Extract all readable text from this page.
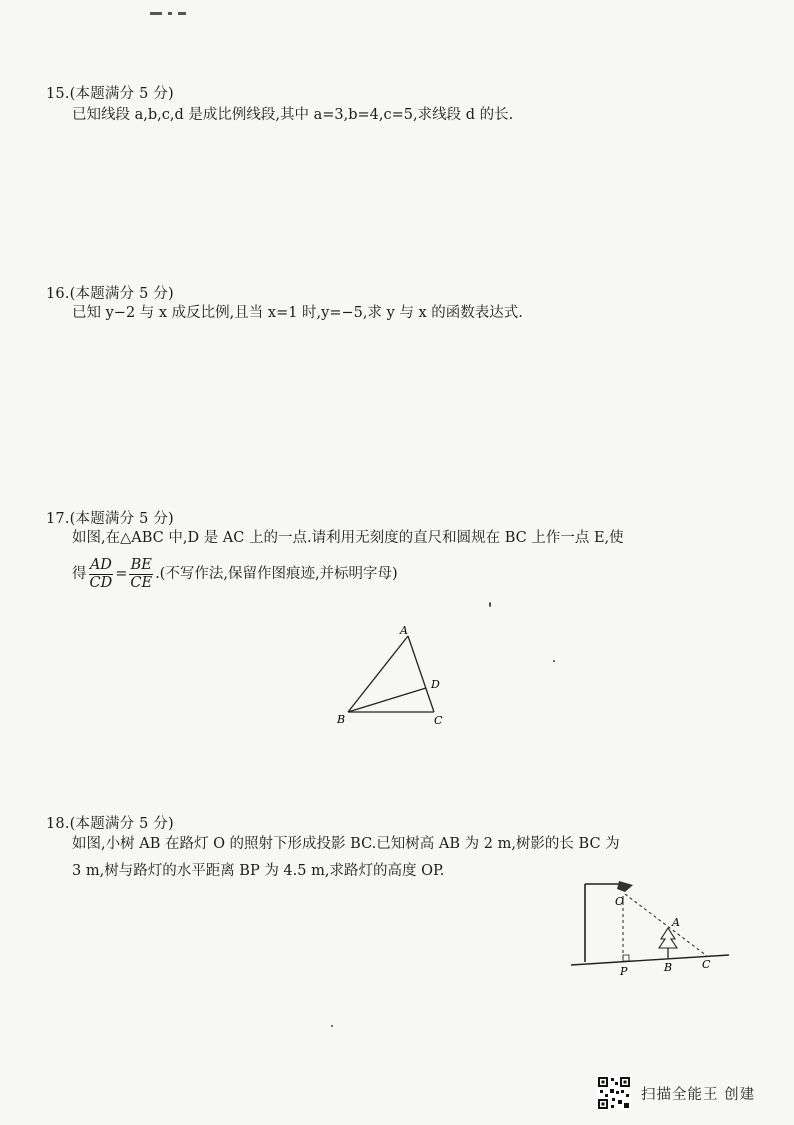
15.(本题满分 5 分)
已知线段 a,b,c,d 是成比例线段,其中 a=3,b=4,c=5,求线段 d 的长.
16.(本题满分 5 分)
已知 y−2 与 x 成反比例,且当 x=1 时,y=−5,求 y 与 x 的函数表达式.
17.(本题满分 5 分)
如图,在△ABC 中,D 是 AC 上的一点.请利用无刻度的直尺和圆规在 BC 上作一点 E,使
得 $\frac{AD}{CD} = \frac{BE}{CE}$ .(不写作法,保留作图痕迹,并标明字母)
A
D
B	C
18.(本题满分 5 分)
如图,小树 AB 在路灯 O 的照射下形成投影 BC.已知树高 AB 为 2 m,树影的长 BC 为
3 m,树与路灯的水平距离 BP 为 4.5 m,求路灯的高度 OP.
O
A
P	B	C
扫描全能王 创建
